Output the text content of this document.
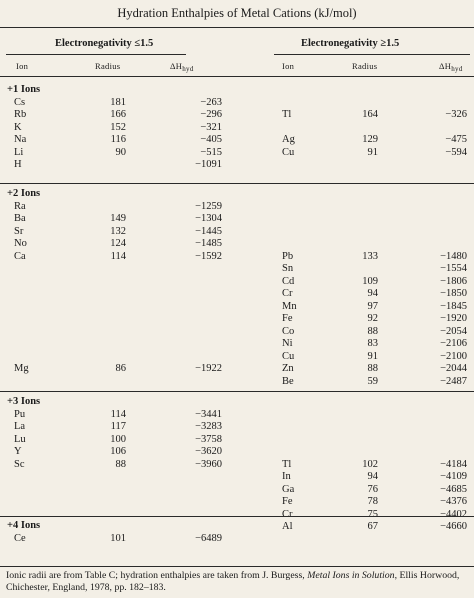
Hydration Enthalpies of Metal Cations (kJ/mol)
Electronegativity ≤1.5	Electronegativity ≥1.5
Ion	Radius	$\Delta H_{hyd}$	Ion	Radius	$\Delta H_{hyd}$
+1 Ions
Cs	181	−263
Rb	166	−296
K	152	−321
Na	116	−405
Li	90	−515
H	−1091
Tl	164	−326
Ag	129	−475
Cu	91	−594
+2 Ions
Ra	−1259
Ba	149	−1304
Sr	132	−1445
No	124	−1485
Ca	114	−1592
Mg	86	−1922
Pb	133	−1480
Sn	−1554
Cd	109	−1806
Cr	94	−1850
Mn	97	−1845
Fe	92	−1920
Co	88	−2054
Ni	83	−2106
Cu	91	−2100
Zn	88	−2044
Be	59	−2487
+3 Ions
Pu	114	−3441
La	117	−3283
Lu	100	−3758
Y	106	−3620
Sc	88	−3960	Tl	102	−4184
In	94	−4109
Ga	76	−4685
Fe	78	−4376
Cr	75	−4402
Al	67	−4660
+4 Ions
Ce	101	−6489
Ionic radii are from Table C; hydration enthalpies are taken from J. Burgess, Metal Ions in Solution, Ellis Horwood, Chichester, England, 1978, pp. 182–183.
